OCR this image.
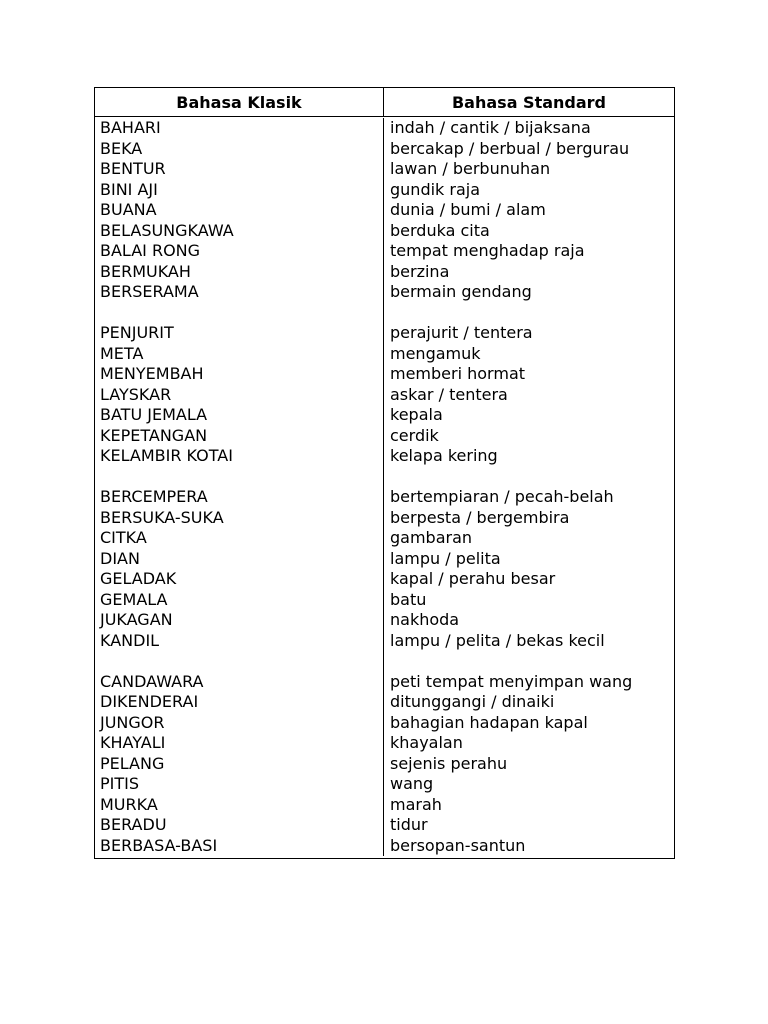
Bahasa Klasik	Bahasa Standard
BAHARI
BEKA
BENTUR
BINI AJI
BUANA
BELASUNGKAWA
BALAI RONG
BERMUKAH
BERSERAMA
PENJURIT
META
MENYEMBAH
LAYSKAR
BATU JEMALA
KEPETANGAN
KELAMBIR KOTAI
BERCEMPERA
BERSUKA-SUKA
CITKA
DIAN
GELADAK
GEMALA
JUKAGAN
KANDIL
CANDAWARA
DIKENDERAI
JUNGOR
KHAYALI
PELANG
PITIS
MURKA
BERADU
BERBASA-BASI
indah / cantik / bijaksana
bercakap / berbual / bergurau
lawan / berbunuhan
gundik raja
dunia / bumi / alam
berduka cita
tempat menghadap raja
berzina
bermain gendang
perajurit / tentera
mengamuk
memberi hormat
askar / tentera
kepala
cerdik
kelapa kering
bertempiaran / pecah-belah
berpesta / bergembira
gambaran
lampu / pelita
kapal / perahu besar
batu
nakhoda
lampu / pelita / bekas kecil
peti tempat menyimpan wang
ditunggangi / dinaiki
bahagian hadapan kapal
khayalan
sejenis perahu
wang
marah
tidur
bersopan-santun
